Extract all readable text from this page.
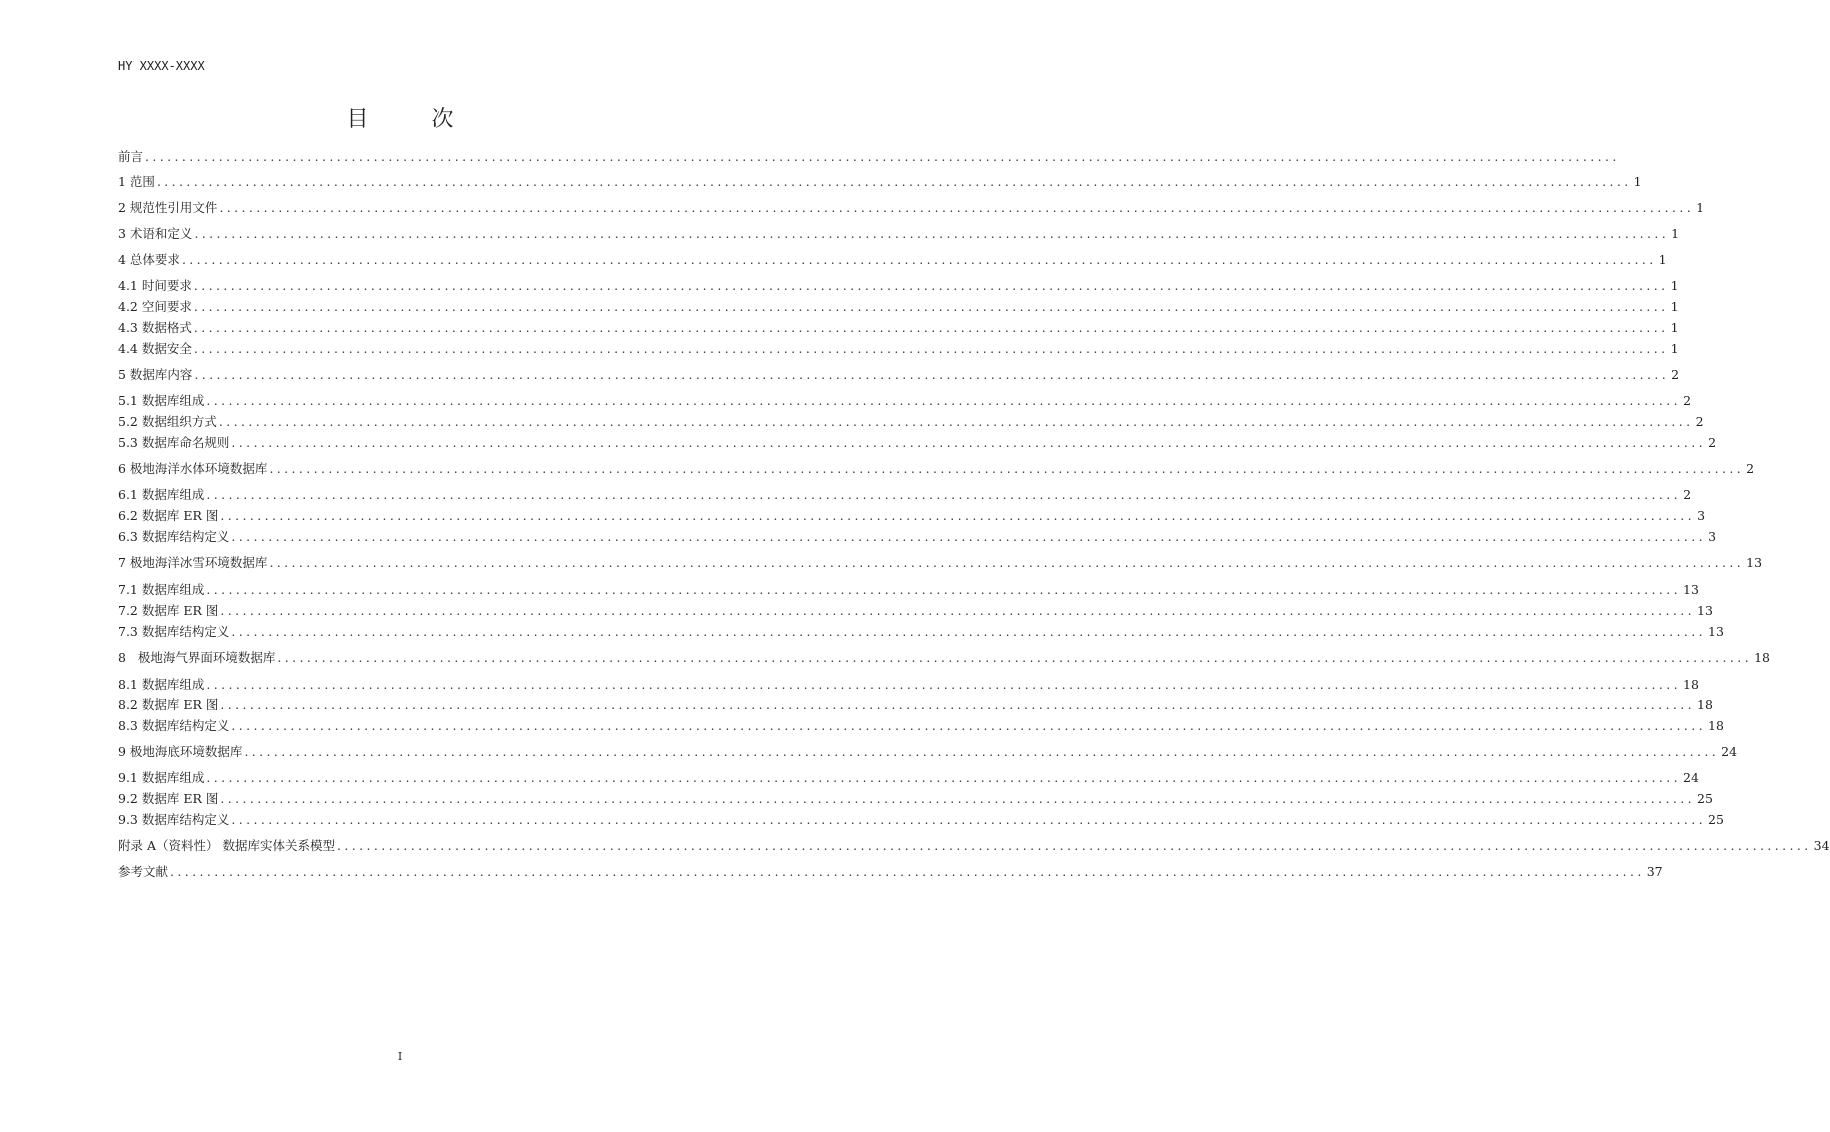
HY XXXX-XXXX
目 次
前言 ........................................................................................................................................................................................................
1 范围 ........................................................................................................................................................................................................ 1
2 规范性引用文件 ........................................................................................................................................................................................................ 1
3 术语和定义 ........................................................................................................................................................................................................ 1
4 总体要求 ........................................................................................................................................................................................................ 1
4.1 时间要求 ........................................................................................................................................................................................................ 1
4.2 空间要求 ........................................................................................................................................................................................................ 1
4.3 数据格式 ........................................................................................................................................................................................................ 1
4.4 数据安全 ........................................................................................................................................................................................................ 1
5 数据库内容 ........................................................................................................................................................................................................ 2
5.1 数据库组成 ........................................................................................................................................................................................................ 2
5.2 数据组织方式 ........................................................................................................................................................................................................ 2
5.3 数据库命名规则 ........................................................................................................................................................................................................ 2
6 极地海洋水体环境数据库 ........................................................................................................................................................................................................ 2
6.1 数据库组成 ........................................................................................................................................................................................................ 2
6.2 数据库 ER 图 ........................................................................................................................................................................................................ 3
6.3 数据库结构定义 ........................................................................................................................................................................................................ 3
7 极地海洋冰雪环境数据库 ........................................................................................................................................................................................................ 13
7.1 数据库组成 ........................................................................................................................................................................................................ 13
7.2 数据库 ER 图 ........................................................................................................................................................................................................ 13
7.3 数据库结构定义 ........................................................................................................................................................................................................ 13
8   极地海气界面环境数据库 ........................................................................................................................................................................................................ 18
8.1 数据库组成 ........................................................................................................................................................................................................ 18
8.2 数据库 ER 图 ........................................................................................................................................................................................................ 18
8.3 数据库结构定义 ........................................................................................................................................................................................................ 18
9 极地海底环境数据库 ........................................................................................................................................................................................................ 24
9.1 数据库组成 ........................................................................................................................................................................................................ 24
9.2 数据库 ER 图 ........................................................................................................................................................................................................ 25
9.3 数据库结构定义 ........................................................................................................................................................................................................ 25
附录 A（资料性） 数据库实体关系模型 ........................................................................................................................................................................................................ 34
参考文献 ........................................................................................................................................................................................................ 37
I
